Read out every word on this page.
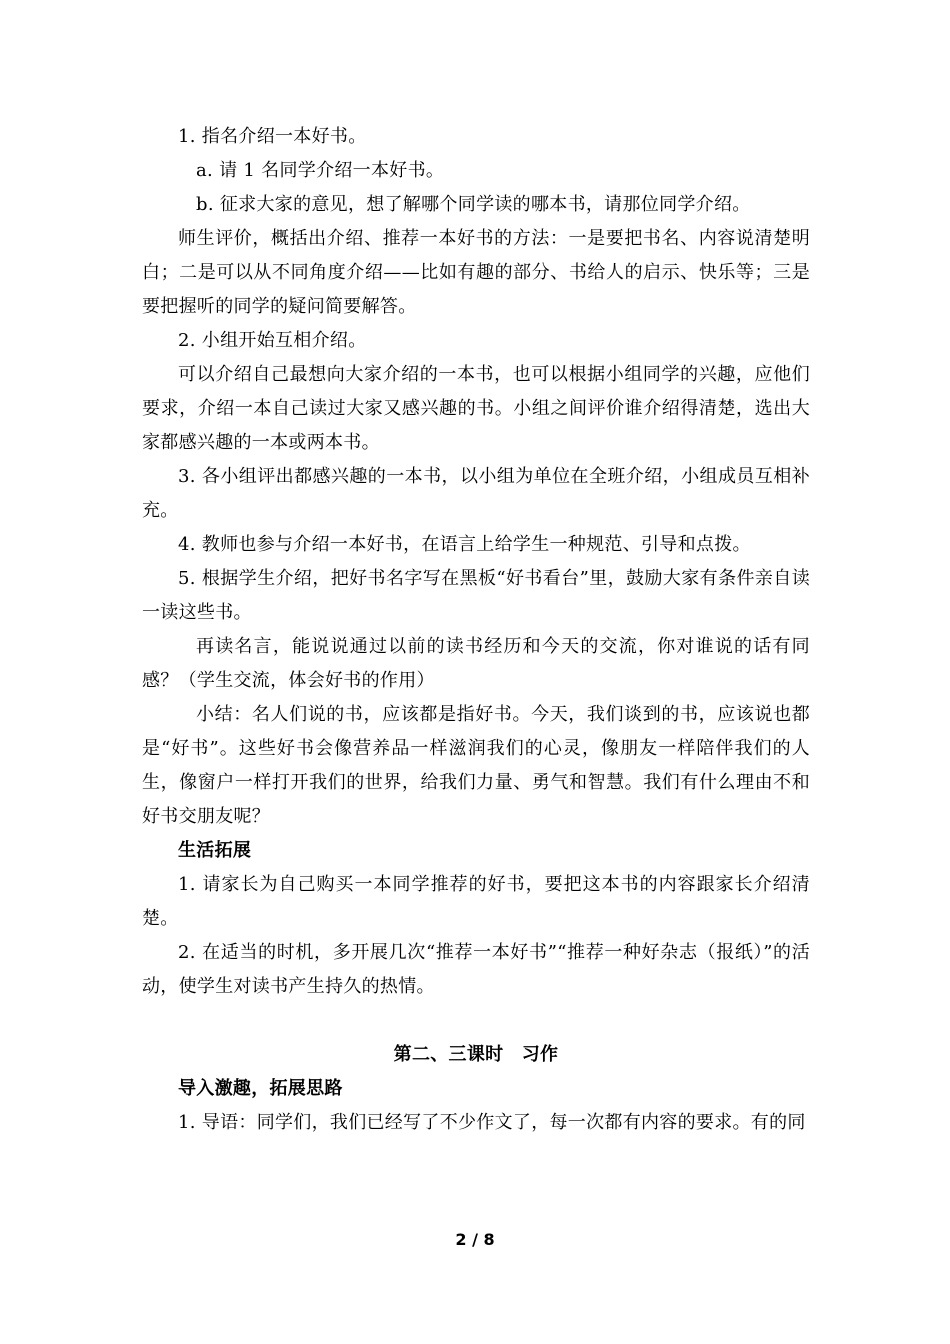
1. 指名介绍一本好书。

a. 请 1 名同学介绍一本好书。

b. 征求大家的意见，想了解哪个同学读的哪本书，请那位同学介绍。

师生评价，概括出介绍、推荐一本好书的方法：一是要把书名、内容说清楚明白；二是可以从不同角度介绍——比如有趣的部分、书给人的启示、快乐等；三是要把握听的同学的疑问简要解答。

2. 小组开始互相介绍。

可以介绍自己最想向大家介绍的一本书，也可以根据小组同学的兴趣，应他们要求，介绍一本自己读过大家又感兴趣的书。小组之间评价谁介绍得清楚，选出大家都感兴趣的一本或两本书。

3. 各小组评出都感兴趣的一本书，以小组为单位在全班介绍，小组成员互相补充。

4. 教师也参与介绍一本好书，在语言上给学生一种规范、引导和点拨。

5. 根据学生介绍，把好书名字写在黑板“好书看台”里，鼓励大家有条件亲自读一读这些书。

再读名言，能说说通过以前的读书经历和今天的交流，你对谁说的话有同感？（学生交流，体会好书的作用）

小结：名人们说的书，应该都是指好书。今天，我们谈到的书，应该说也都是“好书”。这些好书会像营养品一样滋润我们的心灵，像朋友一样陪伴我们的人生，像窗户一样打开我们的世界，给我们力量、勇气和智慧。我们有什么理由不和好书交朋友呢？

生活拓展

1. 请家长为自己购买一本同学推荐的好书，要把这本书的内容跟家长介绍清楚。

2. 在适当的时机，多开展几次“推荐一本好书”“推荐一种好杂志（报纸）”的活动，使学生对读书产生持久的热情。

第二、三课时　习作

导入激趣，拓展思路

1. 导语：同学们，我们已经写了不少作文了，每一次都有内容的要求。有的同

2 / 8
